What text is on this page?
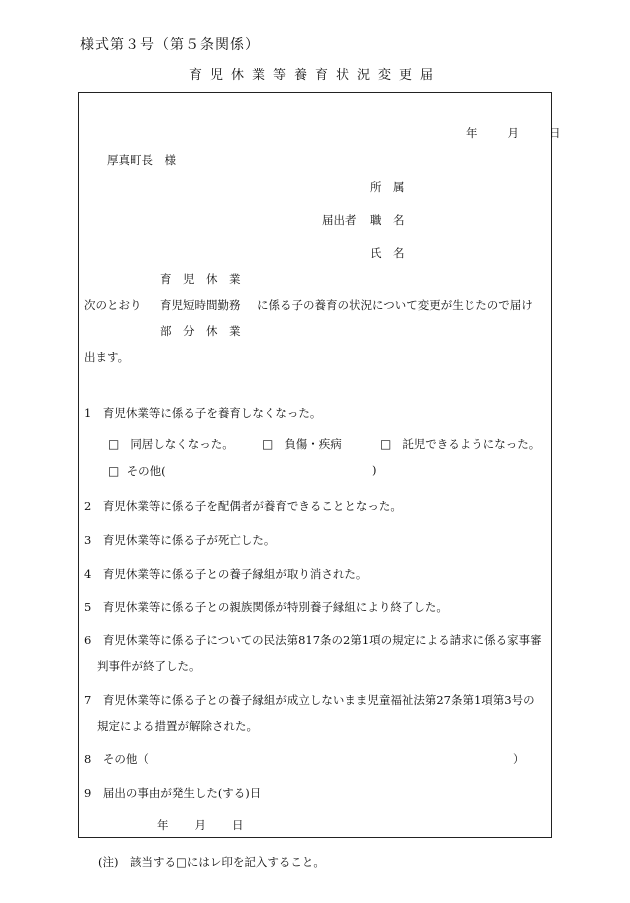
様式第３号（第５条関係）
育児休業等養育状況変更届
年	月	日
厚真町長　様
所　属
届出者 職　名
氏　名
育　児　休　業
次のとおり 育児短時間勤務 に係る子の養育の状況について変更が生じたので届け
部　分　休　業
出ます。
1　育児休業等に係る子を養育しなくなった。
□ 同居しなくなった。 □ 負傷・疾病	□ 託児できるようになった。
□ その他(	)
2　育児休業等に係る子を配偶者が養育できることとなった。
3　育児休業等に係る子が死亡した。
4　育児休業等に係る子との養子縁組が取り消された。
5　育児休業等に係る子との親族関係が特別養子縁組により終了した。
6　育児休業等に係る子についての民法第817条の2第1項の規定による請求に係る家事審
判事件が終了した。
7　育児休業等に係る子との養子縁組が成立しないまま児童福祉法第27条第1項第3号の
規定による措置が解除された。
8　その他（	）
9　届出の事由が発生した(する)日
年 月 日
(注)　該当する□にはレ印を記入すること。
